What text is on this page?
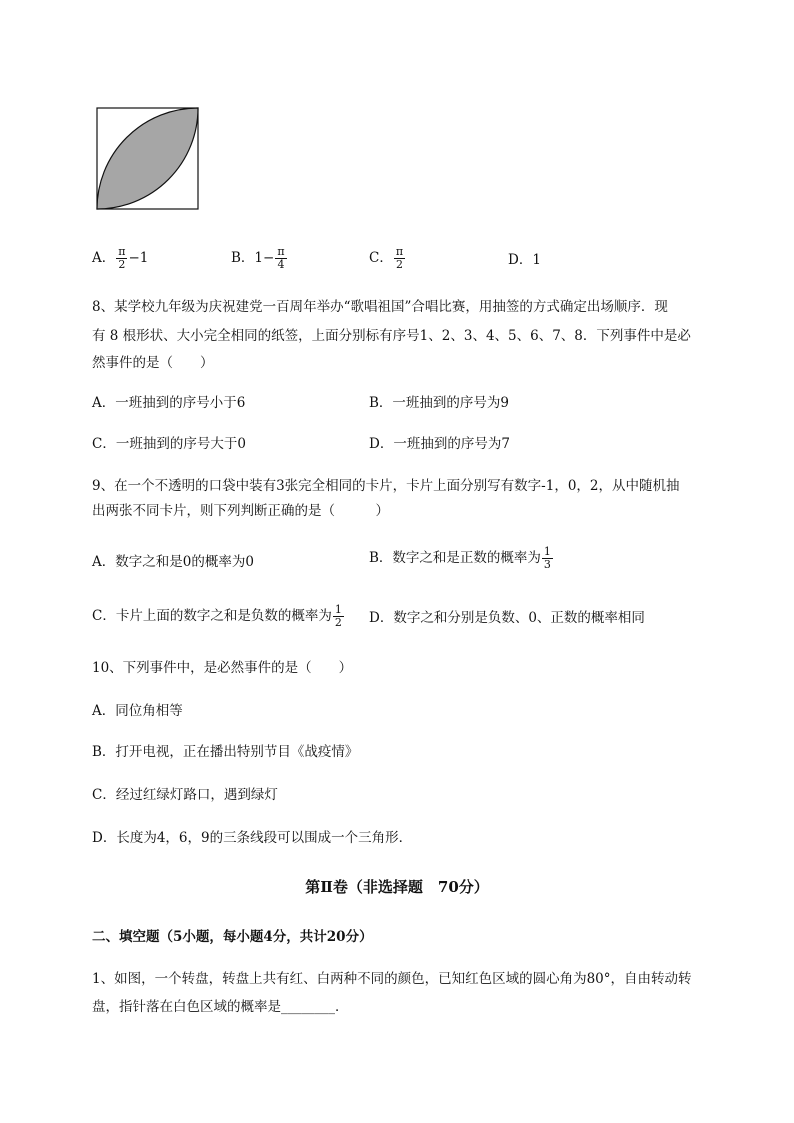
A． $\frac{\pi}{2} -1$	B．$1- \frac{\pi}{4}$	C． $\frac{\pi}{2}$	D．1
8、某学校九年级为庆祝建党一百周年举办“歌唱祖国”合唱比赛，用抽签的方式确定出场顺序．现
有 8 根形状、大小完全相同的纸签，上面分别标有序号1、2、3、4、5、6、7、8．下列事件中是必
然事件的是（　　）
A．一班抽到的序号小于6	B．一班抽到的序号为9
C．一班抽到的序号大于0	D．一班抽到的序号为7
9、在一个不透明的口袋中装有3张完全相同的卡片，卡片上面分别写有数字-1，0，2，从中随机抽
出两张不同卡片，则下列判断正确的是（　　　）
A．数字之和是0的概率为0	B．数字之和是正数的概率为 $\frac{1}{3}$
C．卡片上面的数字之和是负数的概率为 $\frac{1}{2}$ D．数字之和分别是负数、0、正数的概率相同
10、下列事件中，是必然事件的是（　　）
A．同位角相等
B．打开电视，正在播出特别节目《战疫情》
C．经过红绿灯路口，遇到绿灯
D．长度为4，6，9的三条线段可以围成一个三角形．
第Ⅱ卷（非选择题　70分）
二、填空题（5小题，每小题4分，共计20分）
1、如图，一个转盘，转盘上共有红、白两种不同的颜色，已知红色区域的圆心角为80°，自由转动转
盘，指针落在白色区域的概率是________．
